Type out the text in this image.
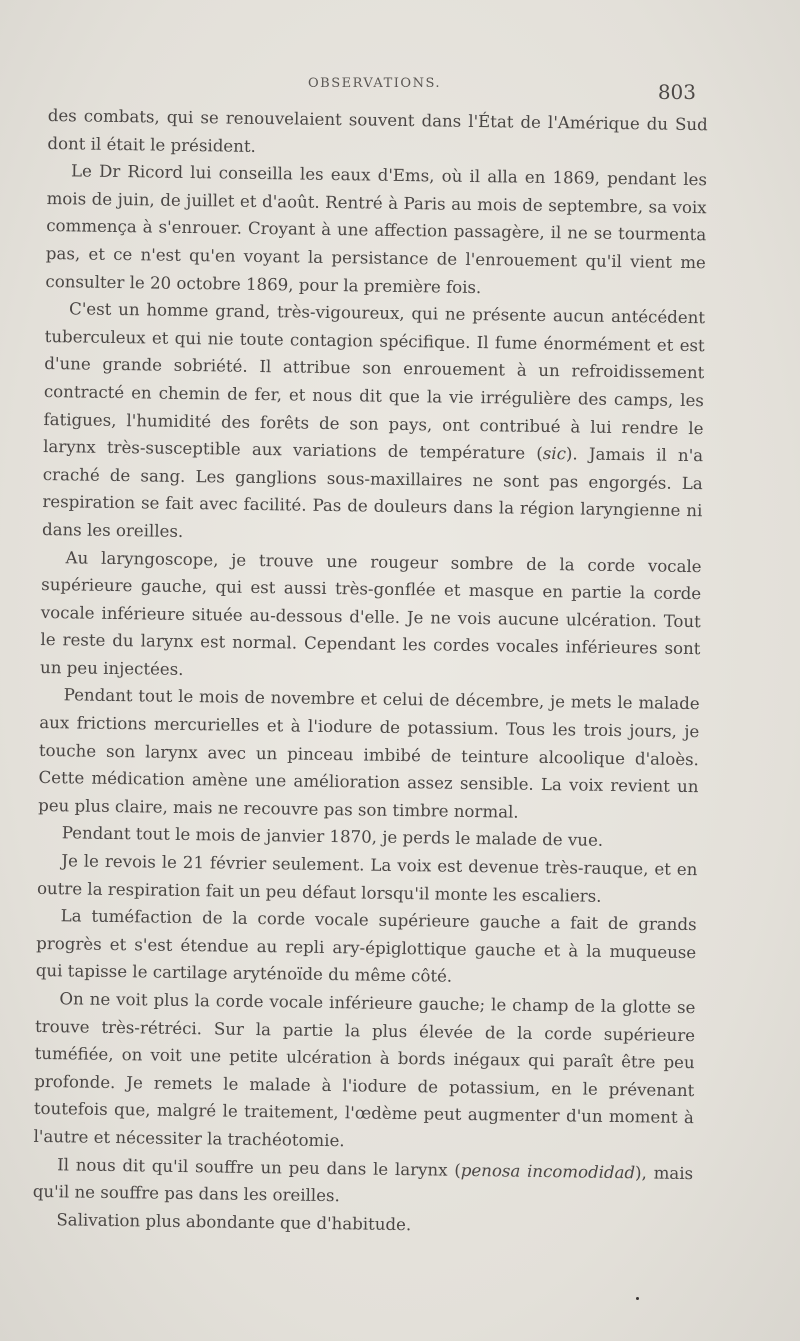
OBSERVATIONS.	803

des combats, qui se renouvelaient souvent dans l'État de l'Amérique du Sud dont il était le président.

Le Dr Ricord lui conseilla les eaux d'Ems, où il alla en 1869, pendant les mois de juin, de juillet et d'août. Rentré à Paris au mois de septembre, sa voix commença à s'enrouer. Croyant à une affection passagère, il ne se tourmenta pas, et ce n'est qu'en voyant la persistance de l'enrouement qu'il vient me consulter le 20 octobre 1869, pour la première fois.

C'est un homme grand, très-vigoureux, qui ne présente aucun antécédent tuberculeux et qui nie toute contagion spécifique. Il fume énormément et est d'une grande sobriété. Il attribue son enrouement à un refroidissement contracté en chemin de fer, et nous dit que la vie irrégulière des camps, les fatigues, l'humidité des forêts de son pays, ont contribué à lui rendre le larynx très-susceptible aux variations de température (sic). Jamais il n'a craché de sang. Les ganglions sous-maxillaires ne sont pas engorgés. La respiration se fait avec facilité. Pas de douleurs dans la région laryngienne ni dans les oreilles.

Au laryngoscope, je trouve une rougeur sombre de la corde vocale supérieure gauche, qui est aussi très-gonflée et masque en partie la corde vocale inférieure située au-dessous d'elle. Je ne vois aucune ulcération. Tout le reste du larynx est normal. Cependant les cordes vocales inférieures sont un peu injectées.

Pendant tout le mois de novembre et celui de décembre, je mets le malade aux frictions mercurielles et à l'iodure de potassium. Tous les trois jours, je touche son larynx avec un pinceau imbibé de teinture alcoolique d'aloès. Cette médication amène une amélioration assez sensible. La voix revient un peu plus claire, mais ne recouvre pas son timbre normal.

Pendant tout le mois de janvier 1870, je perds le malade de vue.

Je le revois le 21 février seulement. La voix est devenue très-rauque, et en outre la respiration fait un peu défaut lorsqu'il monte les escaliers.

La tuméfaction de la corde vocale supérieure gauche a fait de grands progrès et s'est étendue au repli ary-épiglottique gauche et à la muqueuse qui tapisse le cartilage aryténoïde du même côté.

On ne voit plus la corde vocale inférieure gauche; le champ de la glotte se trouve très-rétréci. Sur la partie la plus élevée de la corde supérieure tuméfiée, on voit une petite ulcération à bords inégaux qui paraît être peu profonde. Je remets le malade à l'iodure de potassium, en le prévenant toutefois que, malgré le traitement, l'œdème peut augmenter d'un moment à l'autre et nécessiter la trachéotomie.

Il nous dit qu'il souffre un peu dans le larynx (penosa incomodidad), mais qu'il ne souffre pas dans les oreilles.

Salivation plus abondante que d'habitude.
